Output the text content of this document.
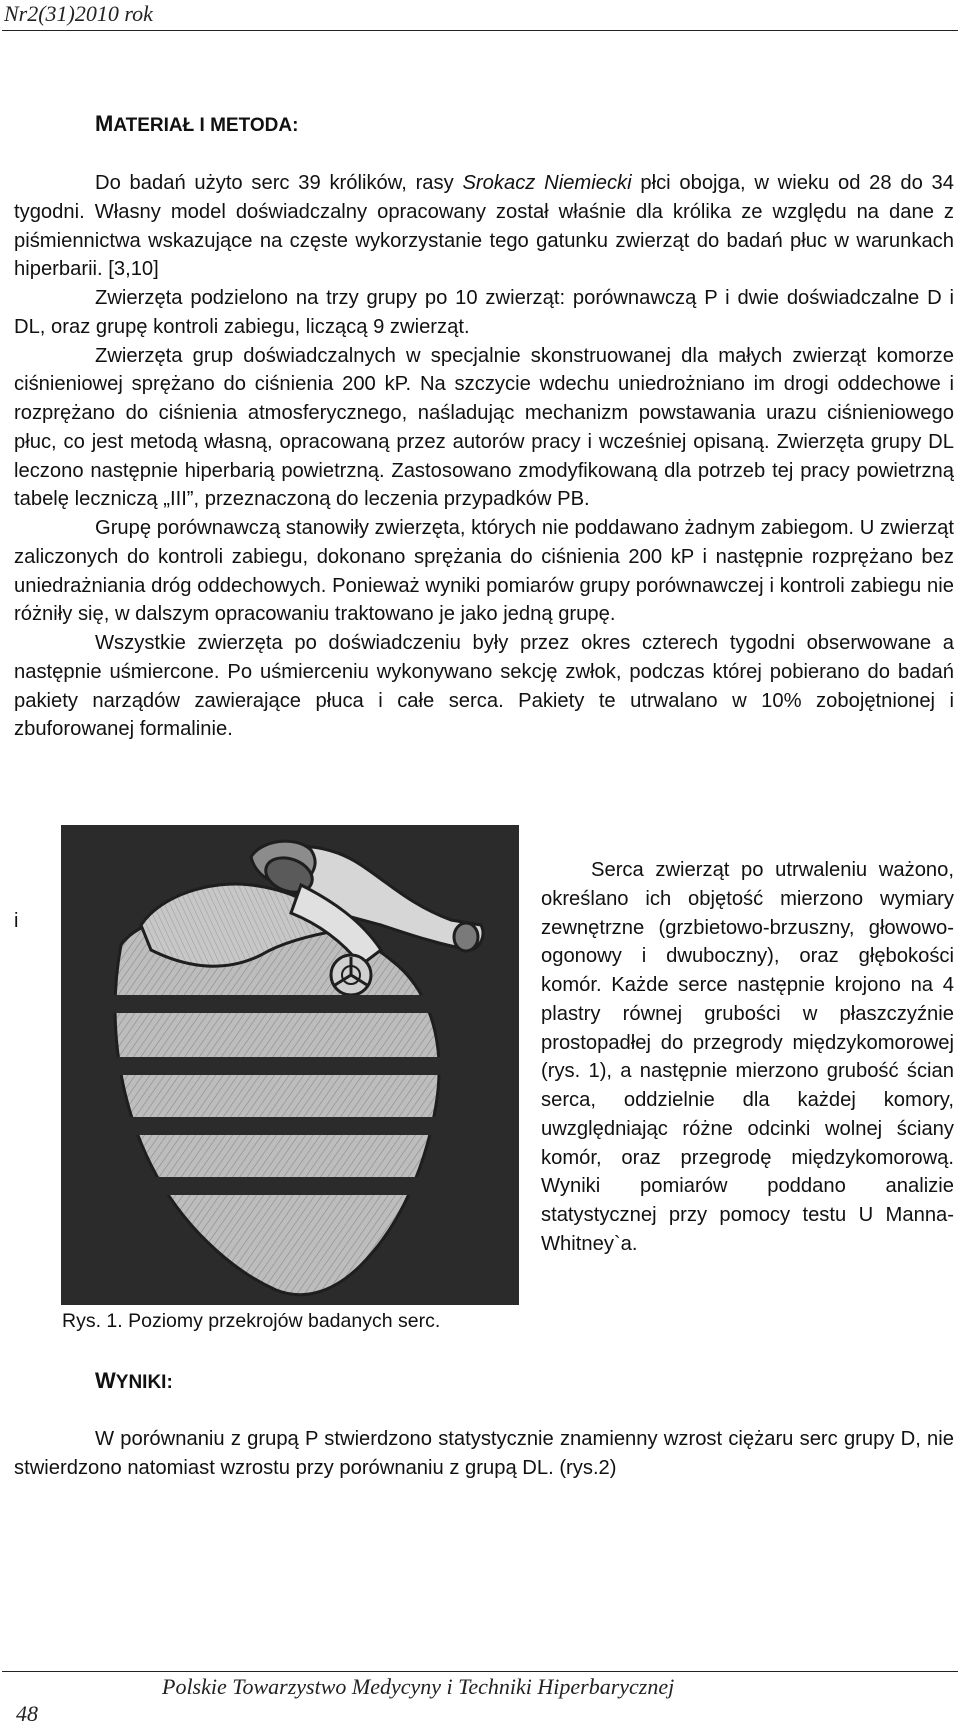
Nr2(31)2010 rok
MATERIAŁ I METODA:

Do badań użyto serc 39 królików, rasy Srokacz Niemiecki płci obojga, w wieku od 28 do 34 tygodni. Własny model doświadczalny opracowany został właśnie dla królika ze względu na dane z piśmiennictwa wskazujące na częste wykorzystanie tego gatunku zwierząt do badań płuc w warunkach hiperbarii. [3,10]

Zwierzęta podzielono na trzy grupy po 10 zwierząt: porównawczą P i dwie doświadczalne D i DL, oraz grupę kontroli zabiegu, liczącą 9 zwierząt.

Zwierzęta grup doświadczalnych w specjalnie skonstruowanej dla małych zwierząt komorze ciśnieniowej sprężano do ciśnienia 200 kP. Na szczycie wdechu uniedrożniano im drogi oddechowe i rozprężano do ciśnienia atmosferycznego, naśladując mechanizm powstawania urazu ciśnieniowego płuc, co jest metodą własną, opracowaną przez autorów pracy i wcześniej opisaną. Zwierzęta grupy DL leczono następnie hiperbarią powietrzną. Zastosowano zmodyfikowaną dla potrzeb tej pracy powietrzną tabelę leczniczą „III”, przeznaczoną do leczenia przypadków PB.

Grupę porównawczą stanowiły zwierzęta, których nie poddawano żadnym zabiegom. U zwierząt zaliczonych do kontroli zabiegu, dokonano sprężania do ciśnienia 200 kP i następnie rozprężano bez uniedrażniania dróg oddechowych. Ponieważ wyniki pomiarów grupy porównawczej i kontroli zabiegu nie różniły się, w dalszym opracowaniu traktowano je jako jedną grupę.

Wszystkie zwierzęta po doświadczeniu były przez okres czterech tygodni obserwowane a następnie uśmiercone. Po uśmierceniu wykonywano sekcję zwłok, podczas której pobierano do badań pakiety narządów zawierające płuca i całe serca. Pakiety te utrwalano w 10% zobojętnionej i zbuforowanej formalinie.

i
Rys. 1. Poziomy przekrojów badanych serc.

Serca zwierząt po utrwaleniu ważono, określano ich objętość mierzono wymiary zewnętrzne (grzbietowo-brzuszny, głowowo-ogonowy i dwuboczny), oraz głębokości komór. Każde serce następnie krojono na 4 plastry równej grubości w płaszczyźnie prostopadłej do przegrody międzykomorowej (rys. 1), a następnie mierzono grubość ścian serca, oddzielnie dla każdej komory, uwzględniając różne odcinki wolnej ściany komór, oraz przegrodę międzykomorową. Wyniki pomiarów poddano analizie statystycznej przy pomocy testu U Manna-Whitney`a.

WYNIKI:

W porównaniu z grupą P stwierdzono statystycznie znamienny wzrost ciężaru serc grupy D, nie stwierdzono natomiast wzrostu przy porównaniu z grupą DL. (rys.2)

Polskie Towarzystwo Medycyny i Techniki Hiperbarycznej
48
